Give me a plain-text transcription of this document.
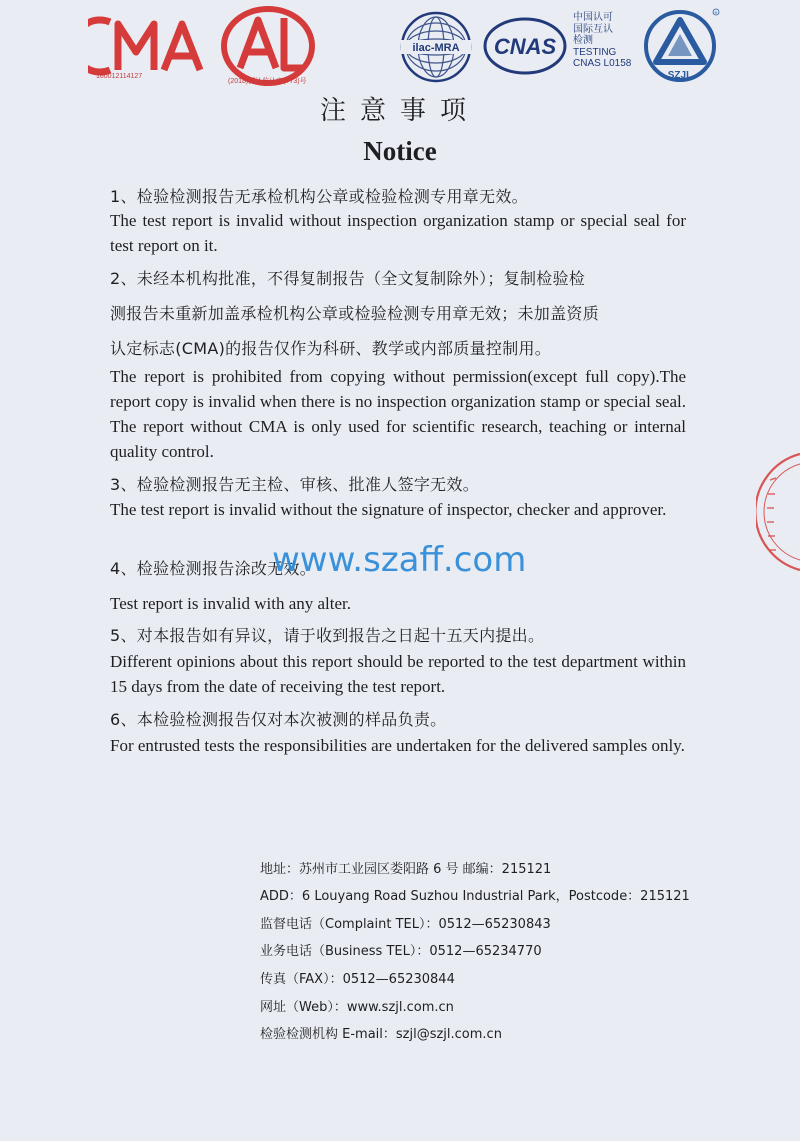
180012114127
(2018)国认监认字(773)号
ilac-MRA CNAS
中国认可
国际互认
检测
TESTING
CNAS L0158
SZJL
R
注意事项
Notice
1、检验检测报告无承检机构公章或检验检测专用章无效。
The test report is invalid without inspection organization stamp or special seal for test report on it.
2、未经本机构批准，不得复制报告（全文复制除外）；复制检验检
测报告未重新加盖承检机构公章或检验检测专用章无效；未加盖资质
认定标志(CMA)的报告仅作为科研、教学或内部质量控制用。
The report is prohibited from copying without permission(except full copy).The report copy is invalid when there is no inspection organization stamp or special seal. The report without CMA is only used for scientific research, teaching or internal quality control.
3、检验检测报告无主检、审核、批准人签字无效。
The test report is invalid without the signature of inspector, checker and approver.
4、检验检测报告涂改无效。
Test report is invalid with any alter.
5、对本报告如有异议，请于收到报告之日起十五天内提出。
Different opinions about this report should be reported to the test department within 15 days from the date of receiving the test report.
6、本检验检测报告仅对本次被测的样品负责。
For entrusted tests the responsibilities are undertaken for the delivered samples only.
www.szaff.com
地址：苏州市工业园区娄阳路 6 号 邮编：215121
ADD：6 Louyang Road Suzhou Industrial Park，Postcode：215121
监督电话（Complaint TEL）：0512—65230843
业务电话（Business TEL）：0512—65234770
传真（FAX）：0512—65230844
网址（Web）：www.szjl.com.cn
检验检测机构 E-mail：szjl@szjl.com.cn
